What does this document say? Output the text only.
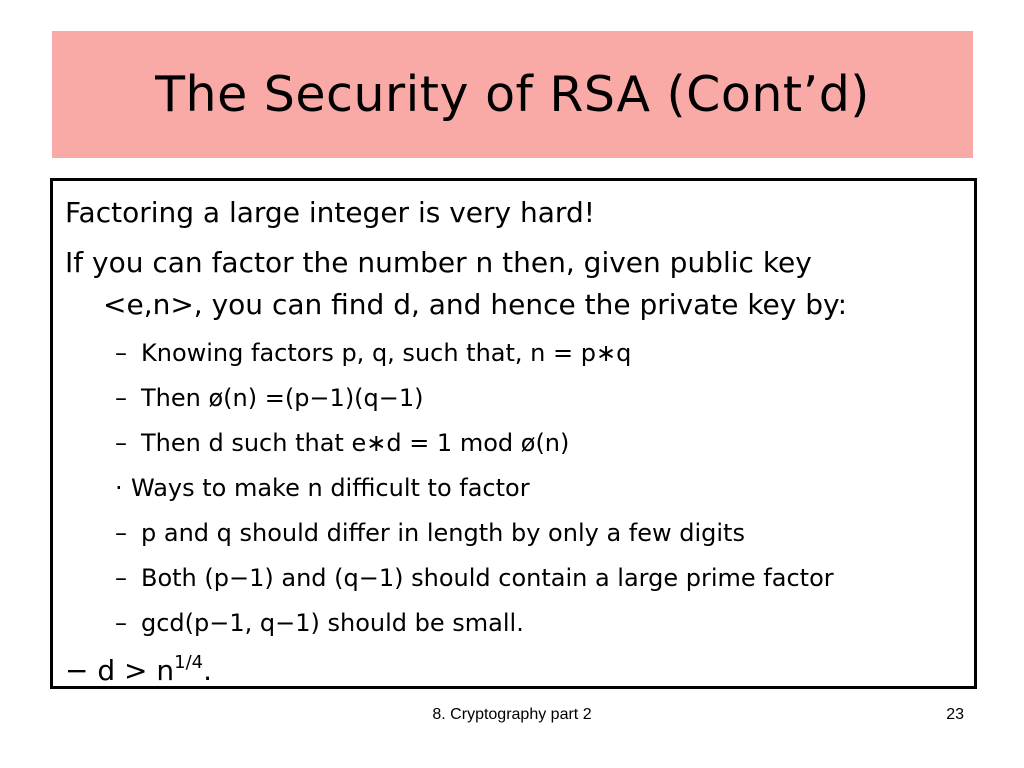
The Security of RSA (Cont’d)
Factoring a large integer is very hard!
If you can factor the number n then, given public key
<e,n>, you can find d, and hence the private key by:
– Knowing factors p, q, such that, n = p∗q
– Then ø(n) =(p−1)(q−1)
– Then d such that e∗d = 1 mod ø(n)
· Ways to make n difficult to factor
– p and q should differ in length by only a few digits
– Both (p−1) and (q−1) should contain a large prime factor
– gcd(p−1, q−1) should be small.
− $d > n^{1/4}$.
8. Cryptography part 2	23
